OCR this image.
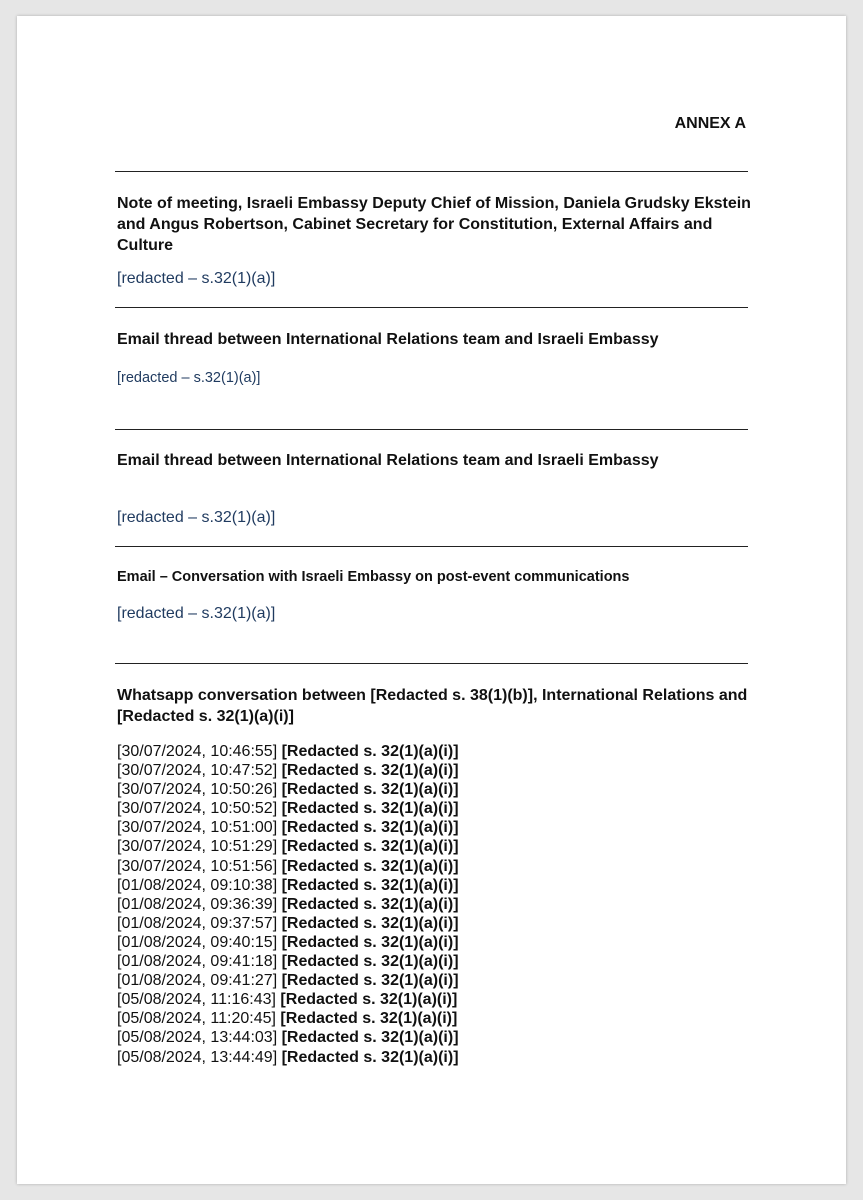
ANNEX A
Note of meeting, Israeli Embassy Deputy Chief of Mission, Daniela Grudsky Ekstein and Angus Robertson, Cabinet Secretary for Constitution, External Affairs and Culture
[redacted – s.32(1)(a)]
Email thread between International Relations team and Israeli Embassy
[redacted – s.32(1)(a)]
Email thread between International Relations team and Israeli Embassy
[redacted – s.32(1)(a)]
Email – Conversation with Israeli Embassy on post-event communications
[redacted – s.32(1)(a)]
Whatsapp conversation between [Redacted s. 38(1)(b)], International Relations and [Redacted s. 32(1)(a)(i)]
[30/07/2024, 10:46:55] [Redacted s. 32(1)(a)(i)]
[30/07/2024, 10:47:52] [Redacted s. 32(1)(a)(i)]
[30/07/2024, 10:50:26] [Redacted s. 32(1)(a)(i)]
[30/07/2024, 10:50:52] [Redacted s. 32(1)(a)(i)]
[30/07/2024, 10:51:00] [Redacted s. 32(1)(a)(i)]
[30/07/2024, 10:51:29] [Redacted s. 32(1)(a)(i)]
[30/07/2024, 10:51:56] [Redacted s. 32(1)(a)(i)]
[01/08/2024, 09:10:38] [Redacted s. 32(1)(a)(i)]
[01/08/2024, 09:36:39] [Redacted s. 32(1)(a)(i)]
[01/08/2024, 09:37:57] [Redacted s. 32(1)(a)(i)]
[01/08/2024, 09:40:15] [Redacted s. 32(1)(a)(i)]
[01/08/2024, 09:41:18] [Redacted s. 32(1)(a)(i)]
[01/08/2024, 09:41:27] [Redacted s. 32(1)(a)(i)]
[05/08/2024, 11:16:43] [Redacted s. 32(1)(a)(i)]
[05/08/2024, 11:20:45] [Redacted s. 32(1)(a)(i)]
[05/08/2024, 13:44:03] [Redacted s. 32(1)(a)(i)]
[05/08/2024, 13:44:49] [Redacted s. 32(1)(a)(i)]
